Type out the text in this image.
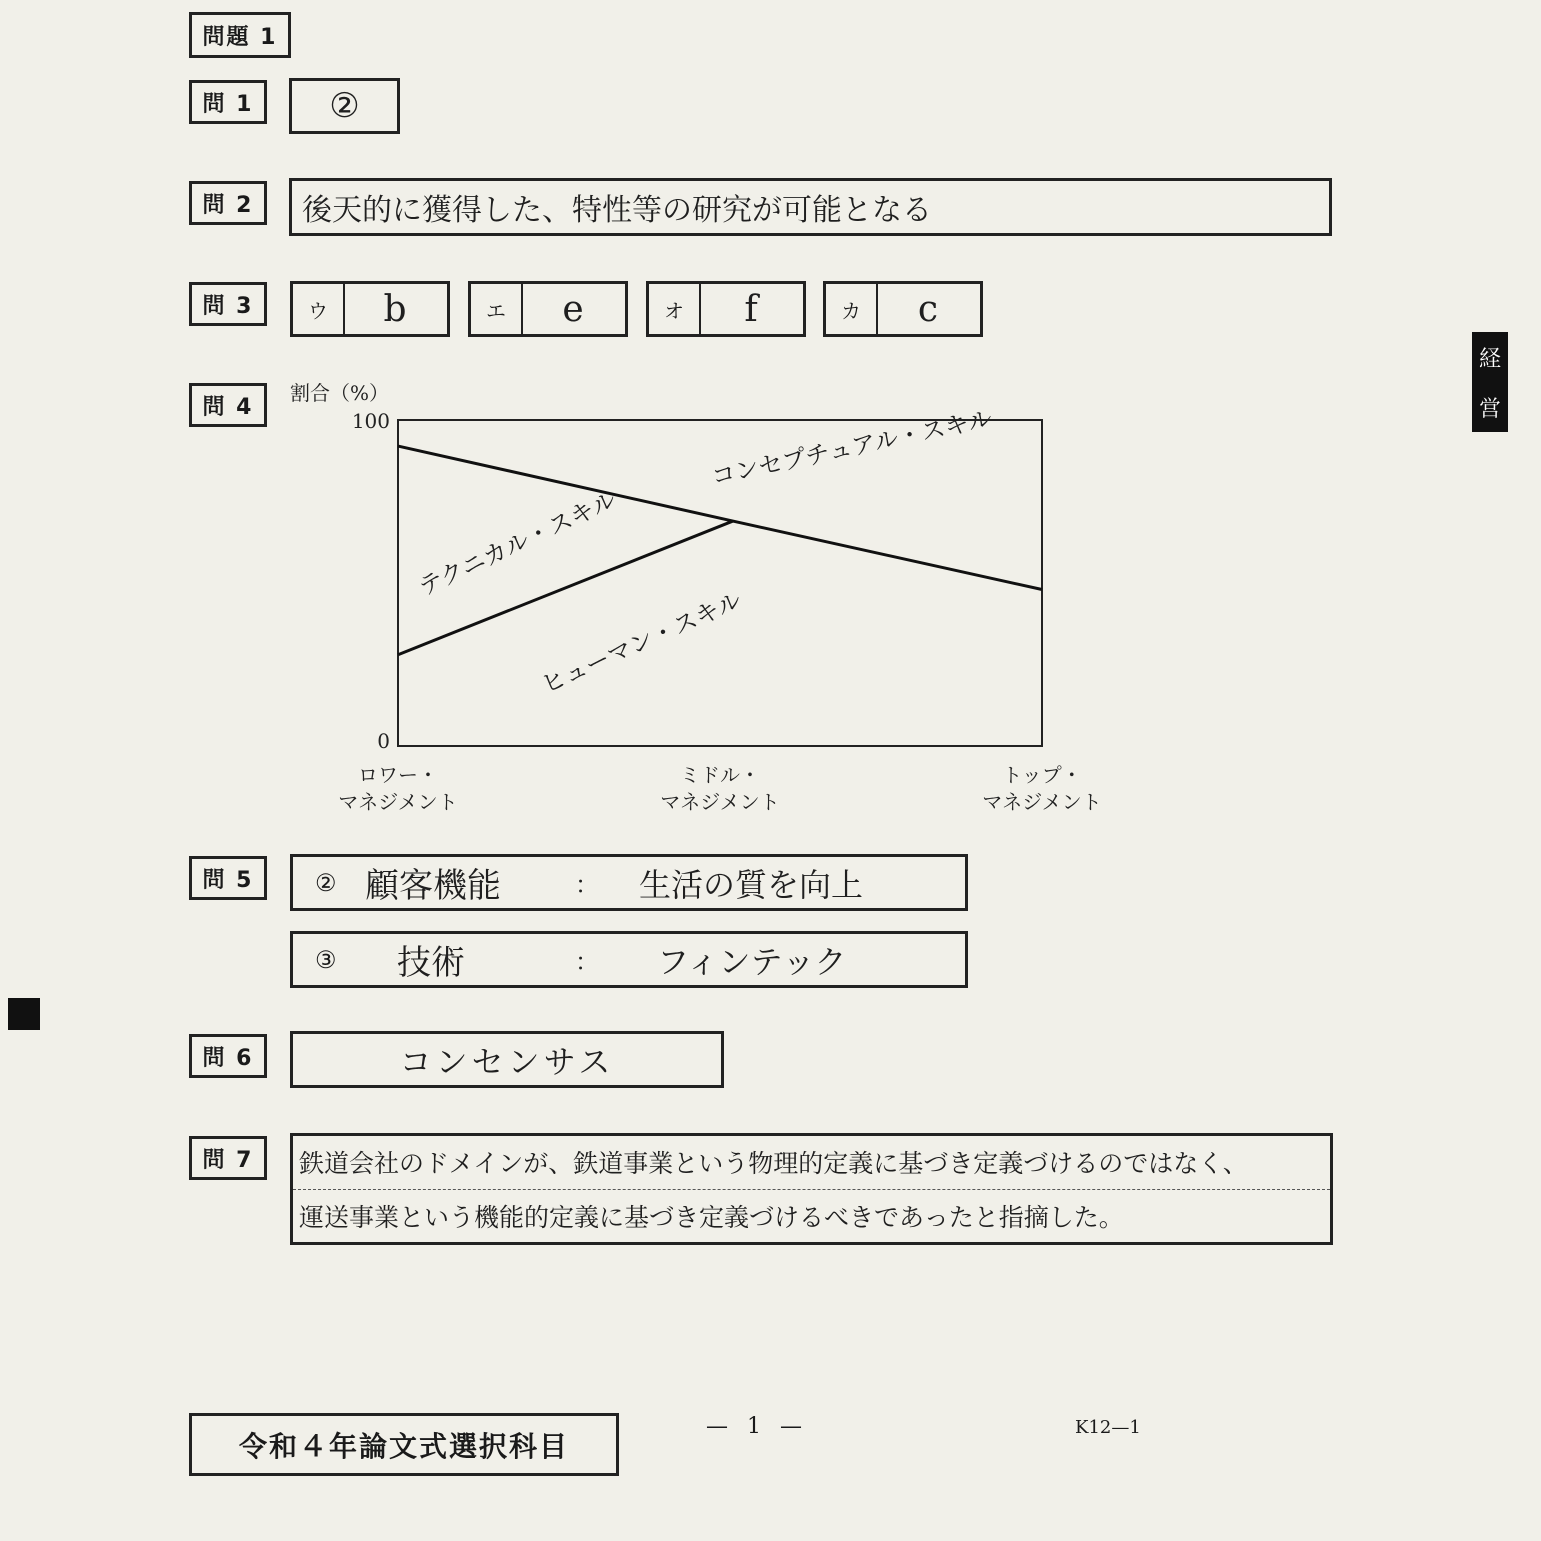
問題 1
問 1	②
問 2	後天的に獲得した、特性等の研究が可能となる
問 3	ウ	b	エ	e	オ	f	カ	c
経
営
問 4
割合（%）
100
0
ロワー・マネジメント
ミドル・マネジメント
トップ・マネジメント
コンセプチュアル・スキル
テクニカル・スキル
ヒューマン・スキル
問 5	② 顧客機能	： 生活の質を向上
③ 技術	： フィンテック
問 6	コンセンサス
問 7	鉄道会社のドメインが、鉄道事業という物理的定義に基づき定義づけるのではなく、
運送事業という機能的定義に基づき定義づけるべきであったと指摘した。
令和４年論文式選択科目
— 1 —	K12—1
